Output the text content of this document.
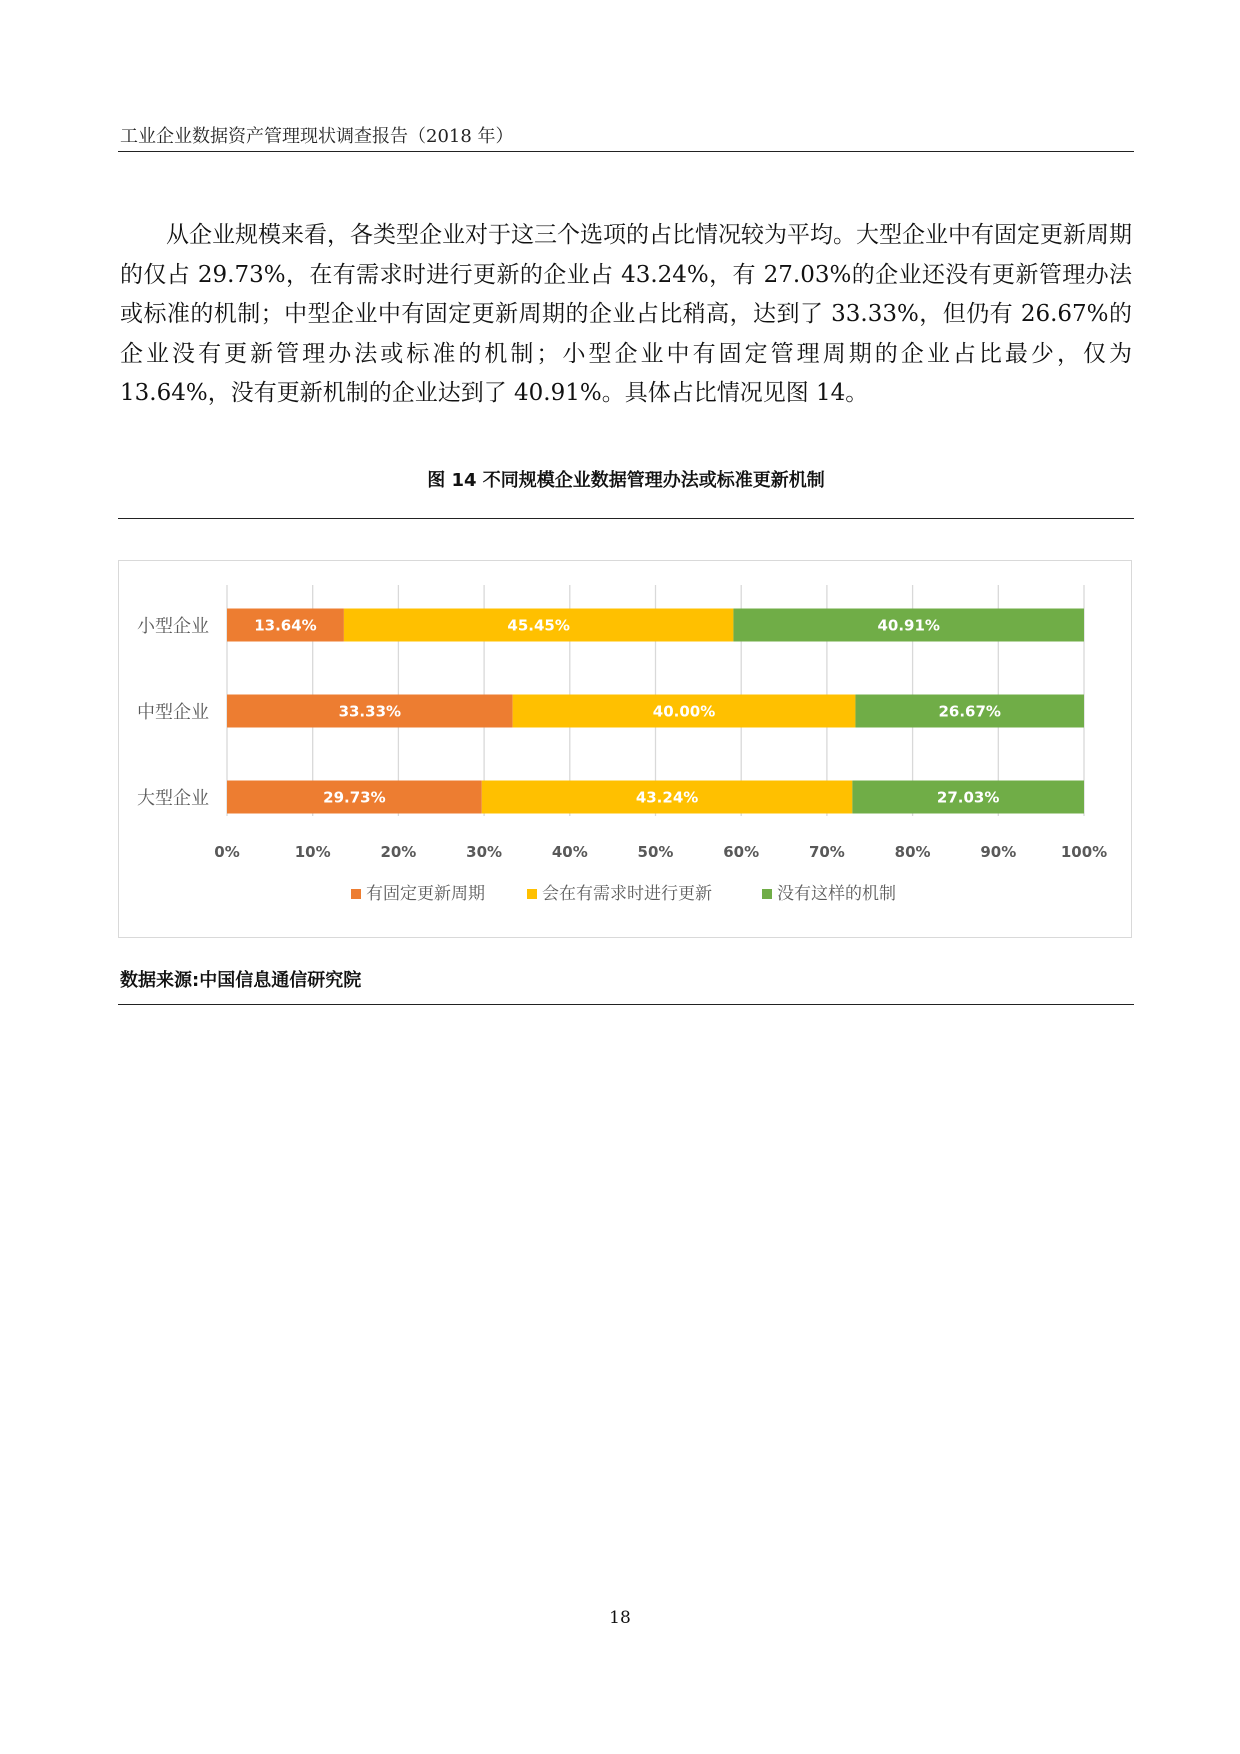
工业企业数据资产管理现状调查报告（2018 年）

从企业规模来看，各类型企业对于这三个选项的占比情况较为平均。大型企业中有固定更新周期的仅占 29.73%，在有需求时进行更新的企业占 43.24%，有 27.03%的企业还没有更新管理办法或标准的机制；中型企业中有固定更新周期的企业占比稍高，达到了 33.33%，但仍有 26.67%的企业没有更新管理办法或标准的机制；小型企业中有固定管理周期的企业占比最少，仅为 13.64%，没有更新机制的企业达到了 40.91%。具体占比情况见图 14。

图 14 不同规模企业数据管理办法或标准更新机制
13.64%	45.45%	40.91%
小型企业
33.33%	40.00%	26.67%
中型企业
29.73%	43.24%	27.03%
大型企业
0%	10%	20%	30%	40%	50%	60%	70%	80%	90%	100%
有固定更新周期	会在有需求时进行更新	没有这样的机制
数据来源:中国信息通信研究院
18
